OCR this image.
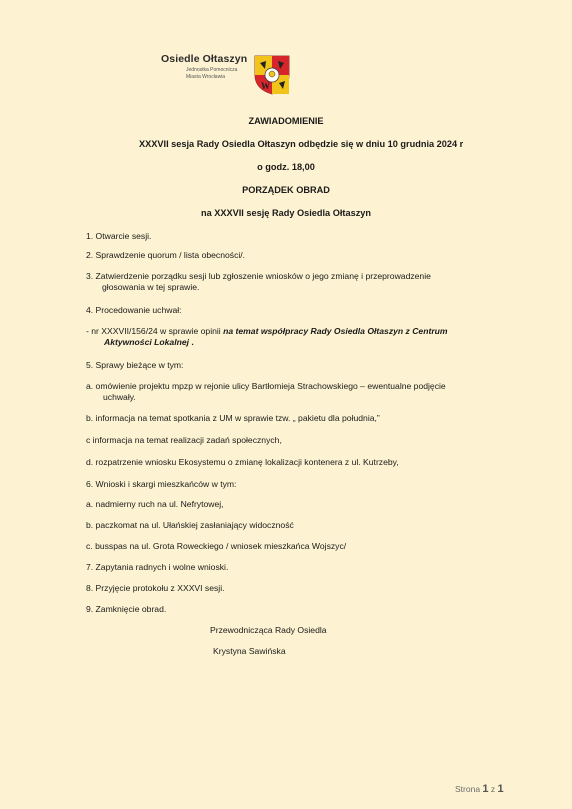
Osiedle Ołtaszyn
Jednostka Pomocnicza
Miasta Wrocławia
W
ZAWIADOMIENIE
XXXVII sesja Rady Osiedla Ołtaszyn odbędzie się w dniu 10 grudnia 2024 r
o godz. 18,00
PORZĄDEK OBRAD
na XXXVII sesję Rady Osiedla Ołtaszyn
1. Otwarcie sesji.
2. Sprawdzenie quorum / lista obecności/.
3. Zatwierdzenie porządku sesji lub zgłoszenie wniosków o jego zmianę i przeprowadzenie
głosowania w tej sprawie.
4. Procedowanie uchwał:
- nr XXXVII/156/24 w sprawie opinii na temat współpracy Rady Osiedla Ołtaszyn z Centrum
Aktywności Lokalnej .
5. Sprawy bieżące w tym:
a. omówienie projektu mpzp w rejonie ulicy Bartłomieja Strachowskiego – ewentualne podjęcie
uchwały.
b. informacja na temat spotkania z UM w sprawie tzw. „ pakietu dla południa,”
c informacja na temat realizacji zadań społecznych,
d. rozpatrzenie wniosku Ekosystemu o zmianę lokalizacji kontenera z ul. Kutrzeby,
6. Wnioski i skargi mieszkańców w tym:
a. nadmierny ruch na ul. Nefrytowej,
b. paczkomat na ul. Ułańskiej zasłaniający widoczność
c. busspas na ul. Grota Roweckiego / wniosek mieszkańca Wojszyc/
7. Zapytania radnych i wolne wnioski.
8. Przyjęcie protokołu z XXXVI sesji.
9. Zamknięcie obrad.
Przewodnicząca Rady Osiedla
Krystyna Sawińska
Strona 1 z 1
